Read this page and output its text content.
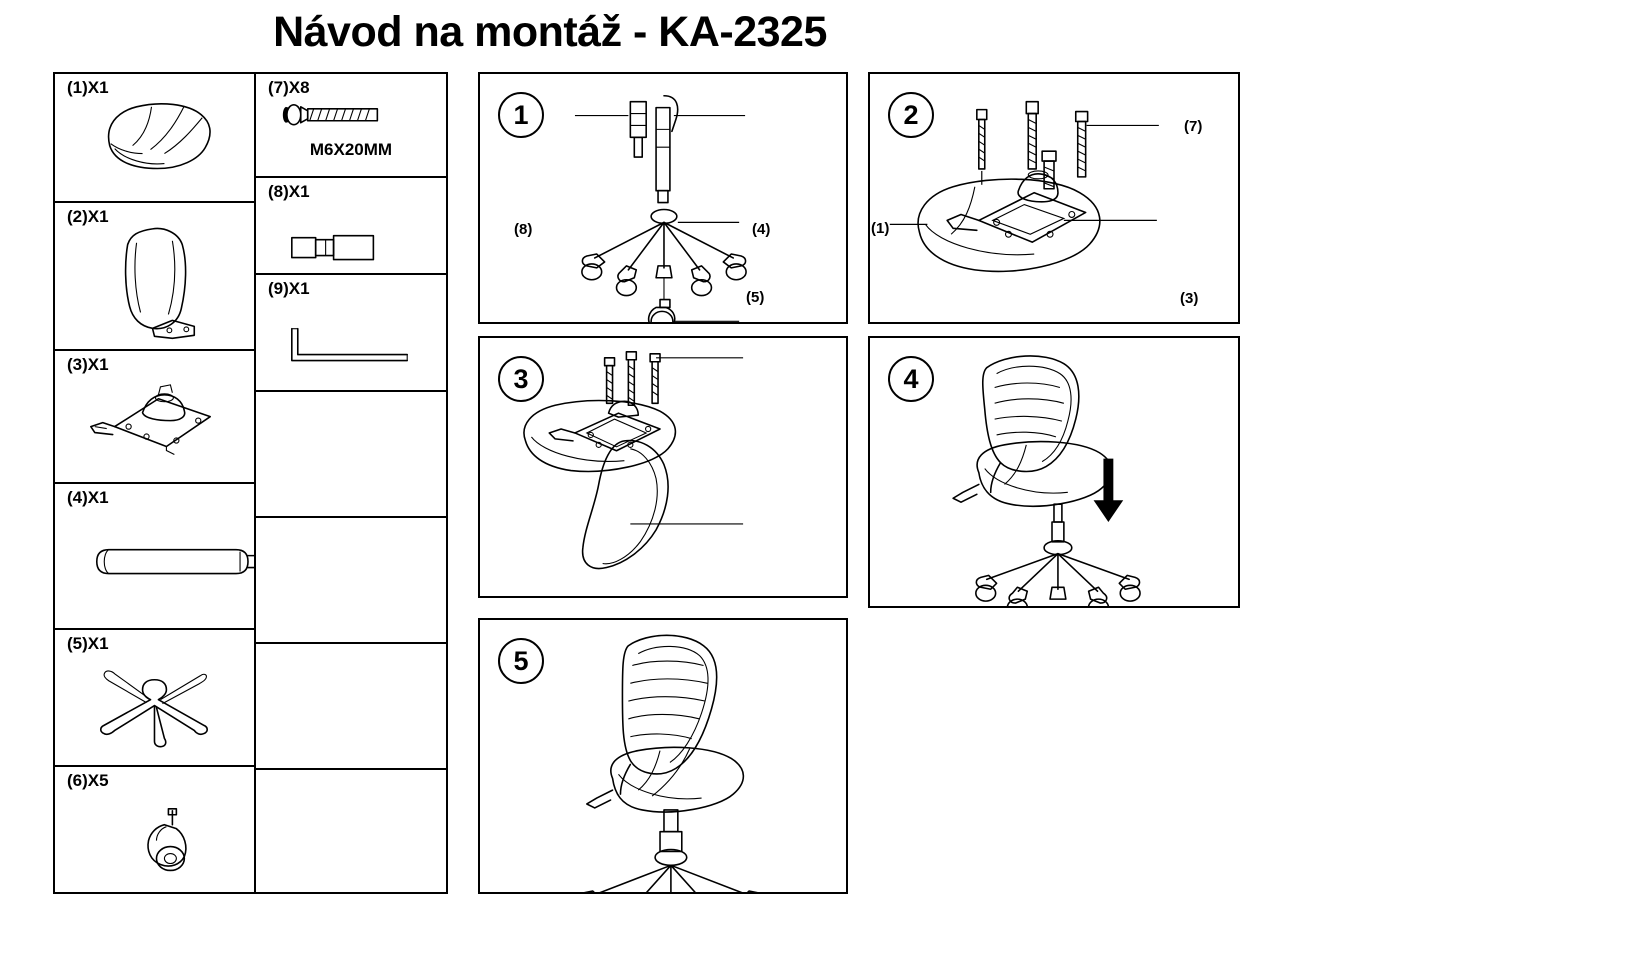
Návod na montáž - KA-2325
(1)X1
(2)X1
(3)X1
(4)X1
(5)X1
(6)X5
(7)X8
M6X20MM
(8)X1
(9)X1
1
(8)	(4)
(5)
2
(1)
(7)
(3)
3	4
5
